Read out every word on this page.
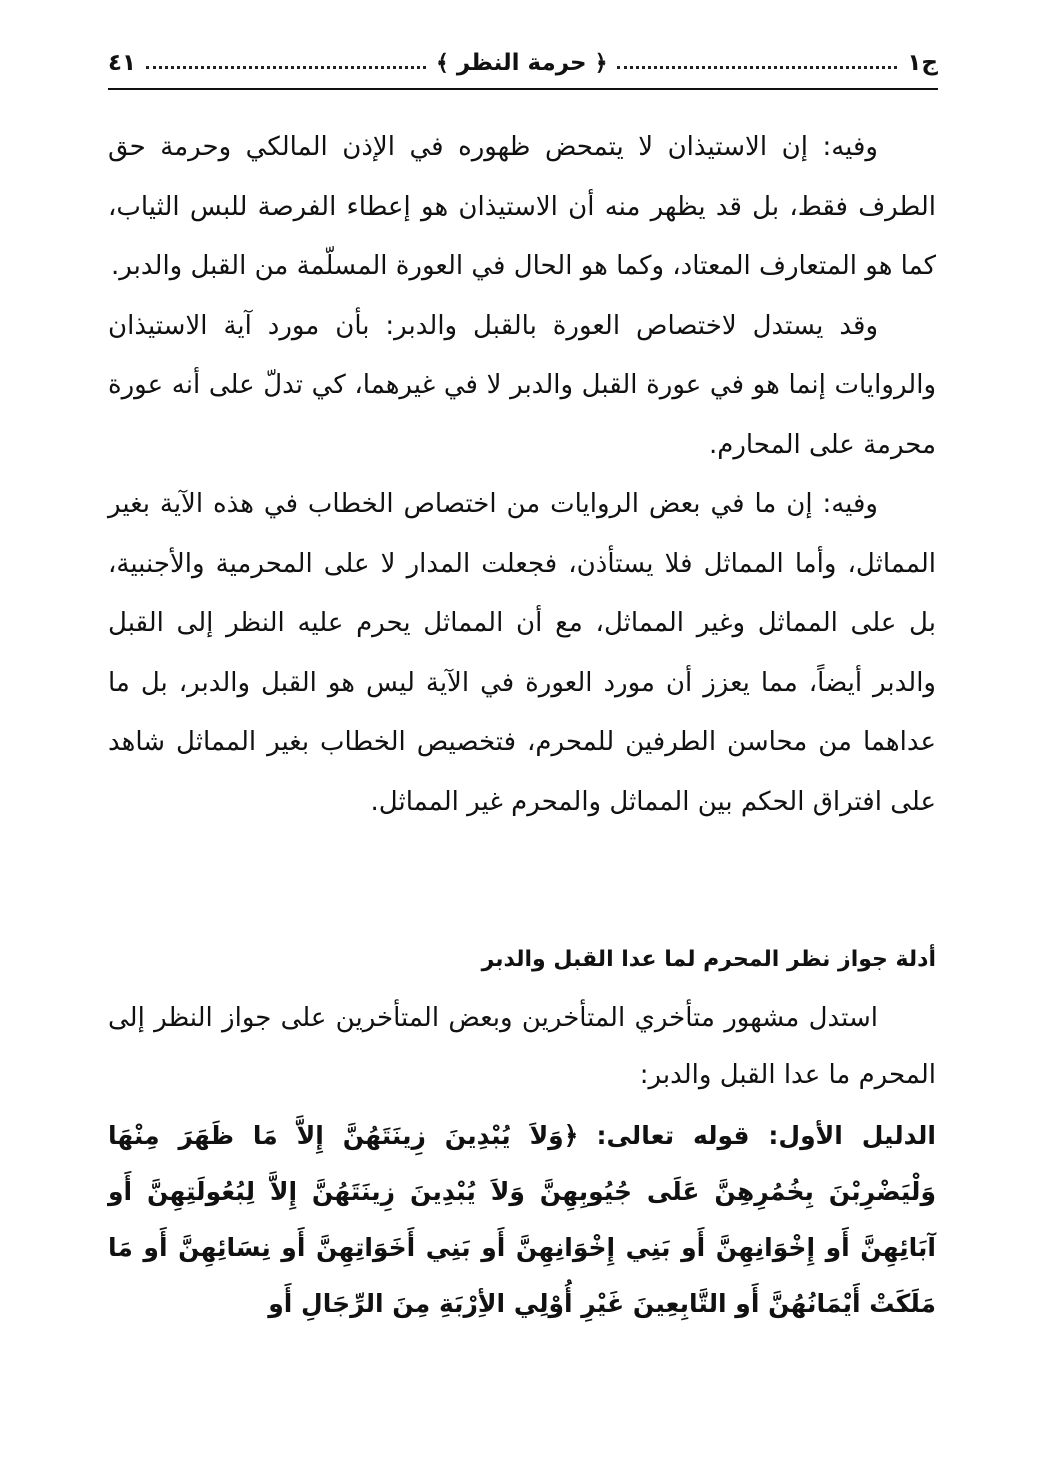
ج١
﴿
حرمة النظر
﴾
٤١

وفيه: إن الاستيذان لا يتمحض ظهوره في الإذن المالكي وحرمة حق الطرف فقط، بل قد يظهر منه أن الاستيذان هو إعطاء الفرصة للبس الثياب، كما هو المتعارف المعتاد، وكما هو الحال في العورة المسلّمة من القبل والدبر.

وقد يستدل لاختصاص العورة بالقبل والدبر: بأن مورد آية الاستيذان والروايات إنما هو في عورة القبل والدبر لا في غيرهما، كي تدلّ على أنه عورة محرمة على المحارم.

وفيه: إن ما في بعض الروايات من اختصاص الخطاب في هذه الآية بغير المماثل، وأما المماثل فلا يستأذن، فجعلت المدار لا على المحرمية والأجنبية، بل على المماثل وغير المماثل، مع أن المماثل يحرم عليه النظر إلى القبل والدبر أيضاً، مما يعزز أن مورد العورة في الآية ليس هو القبل والدبر، بل ما عداهما من محاسن الطرفين للمحرم، فتخصيص الخطاب بغير المماثل شاهد على افتراق الحكم بين المماثل والمحرم غير المماثل.

أدلة جواز نظر المحرم لما عدا القبل والدبر

استدل مشهور متأخري المتأخرين وبعض المتأخرين على جواز النظر إلى المحرم ما عدا القبل والدبر:

الدليل الأول: قوله تعالى: ﴿وَلاَ يُبْدِينَ زِينَتَهُنَّ إِلاَّ مَا ظَهَرَ مِنْهَا وَلْيَضْرِبْنَ بِخُمُرِهِنَّ عَلَى جُيُوبِهِنَّ وَلاَ يُبْدِينَ زِينَتَهُنَّ إِلاَّ لِبُعُولَتِهِنَّ أَو آبَائِهِنَّ أَو إِخْوَانِهِنَّ أَو بَنِي إِخْوَانِهِنَّ أَو بَنِي أَخَوَاتِهِنَّ أَو نِسَائِهِنَّ أَو مَا مَلَكَتْ أَيْمَانُهُنَّ أَو التَّابِعِينَ غَيْرِ أُوْلِي الأِرْبَةِ مِنَ الرِّجَالِ أَو
